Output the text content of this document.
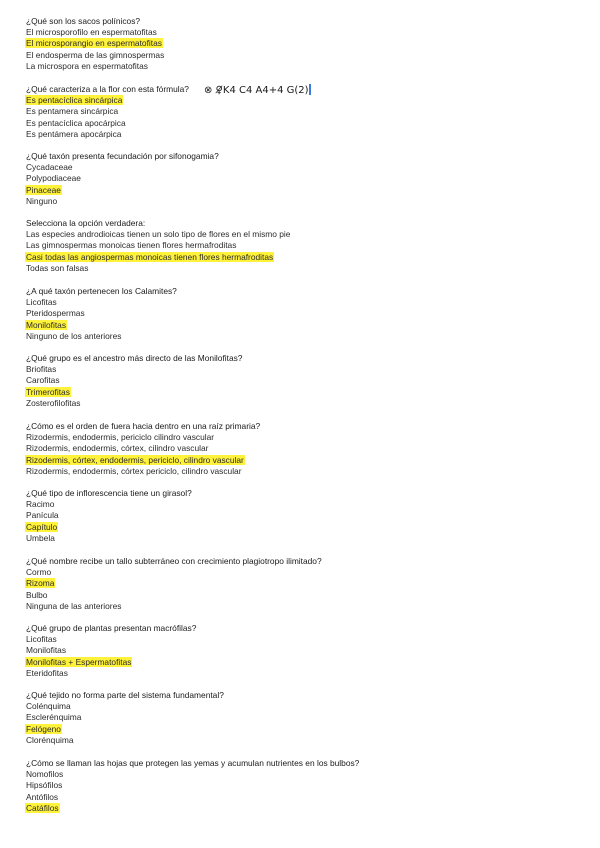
¿Qué son los sacos polínicos?
El microsporofilo en espermatofitas
El microsporangio en espermatofitas
El endosperma de las gimnospermas
La microspora en espermatofitas
¿Qué caracteriza a la flor con esta fórmula?
Es pentacíclica sincárpica
Es pentamera sincárpica
Es pentacíclica apocárpica
Es pentámera apocárpica
¿Qué taxón presenta fecundación por sifonogamia?
Cycadaceae
Polypodiaceae
Pinaceae
Ninguno
Selecciona la opción verdadera:
Las especies androdioicas tienen un solo tipo de flores en el mismo pie
Las gimnospermas monoicas tienen flores hermafroditas
Casi todas las angiospermas monoicas tienen flores hermafroditas
Todas son falsas
¿A qué taxón pertenecen los Calamites?
Licofitas
Pteridospermas
Monilofitas
Ninguno de los anteriores
¿Qué grupo es el ancestro más directo de las Monilofitas?
Briofitas
Carofitas
Trimerofitas
Zosterofilofitas
¿Cómo es el orden de fuera hacia dentro en una raíz primaria?
Rizodermis, endodermis, periciclo cilindro vascular
Rizodermis, endodermis, córtex, cilindro vascular
Rizodermis, córtex, endodermis, periciclo, cilindro vascular
Rizodermis, endodermis, córtex periciclo, cilindro vascular
¿Qué tipo de inflorescencia tiene un girasol?
Racimo
Panícula
Capítulo
Umbela
¿Qué nombre recibe un tallo subterráneo con crecimiento plagiotropo ilimitado?
Cormo
Rizoma
Bulbo
Ninguna de las anteriores
¿Qué grupo de plantas presentan macrófilas?
Licofitas
Monilofitas
Monilofitas + Espermatofitas
Eteridofitas
¿Qué tejido no forma parte del sistema fundamental?
Colénquima
Esclerénquima
Felógeno
Clorénquima
¿Cómo se llaman las hojas que protegen las yemas y acumulan nutrientes en los bulbos?
Nomofilos
Hipsófilos
Antófilos
Catáfilos
⊗ ♀̸K4 C4 A4+4 G(2)
